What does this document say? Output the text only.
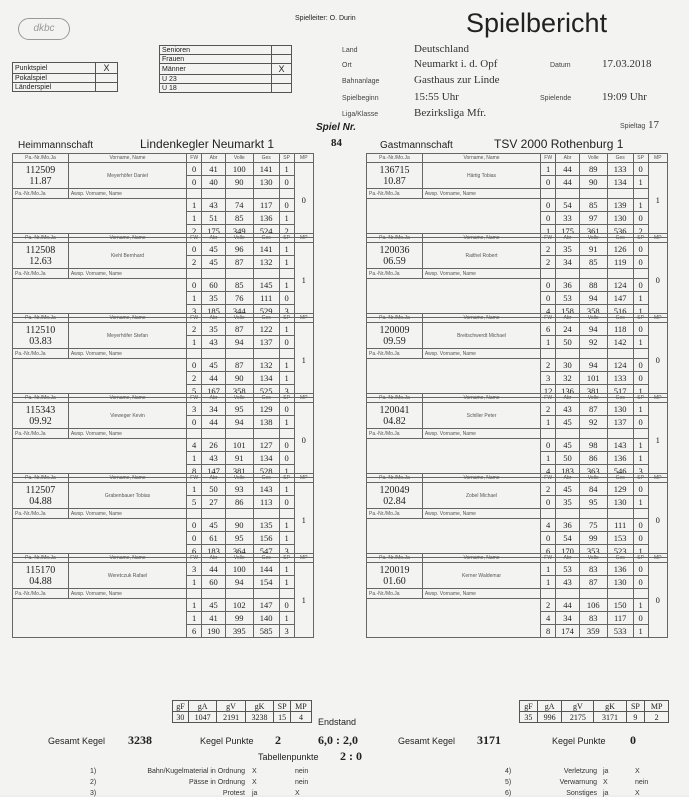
dkbc
Spielleiter: O. Durin	Spielbericht
Punktspiel	X
Pokalspiel	
Länderspiel	
Senioren	
Frauen	
Männer	X
U 23	
U 18	
Land	Deutschland
Ort	Neumarkt i. d. Opf	Datum	17.03.2018
Bahnanlage	Gasthaus zur Linde
Spielbeginn	15:55 Uhr	Spielende	19:09 Uhr
Liga/Klasse	Bezirksliga Mfr.
Spieltag 17
Spiel Nr.
84
Heimmannschaft	Lindenkegler Neumarkt 1	Gastmannschaft	TSV 2000 Rothenburg 1
Pa.-Nr./Mo.Ja	Vorname, Name	FW	Abr	Volle	Ges	SP	MP

112509
11.87	Meyerhöfer Daniel	0	41	100	141	1	0
		0	40	90	130	0	
Pa.-Nr./Mo.Ja	Awsp. Vorname, Name						
		1	43	74	117	0	
		1	51	85	136	1	
		2	175	349	524	2	
Pa.-Nr./Mo.Ja	Vorname, Name	FW	Abr	Volle	Ges	SP	MP

112508
12.63	Kiehl Bernhard	0	45	96	141	1	1
		2	45	87	132	1	
Pa.-Nr./Mo.Ja	Awsp. Vorname, Name						
		0	60	85	145	1	
		1	35	76	111	0	
		3	185	344	529	3	
Pa.-Nr./Mo.Ja	Vorname, Name	FW	Abr	Volle	Ges	SP	MP

112510
03.83	Meyerhöfer Stefan	2	35	87	122	1	1
		1	43	94	137	0	
Pa.-Nr./Mo.Ja	Awsp. Vorname, Name						
		0	45	87	132	1	
		2	44	90	134	1	
		5	167	358	525	3	
Pa.-Nr./Mo.Ja	Vorname, Name	FW	Abr	Volle	Ges	SP	MP

115343
09.92	Vieweger Kevin	3	34	95	129	0	0
		0	44	94	138	1	
Pa.-Nr./Mo.Ja	Awsp. Vorname, Name						
		4	26	101	127	0	
		1	43	91	134	0	
		8	147	381	528	1	
Pa.-Nr./Mo.Ja	Vorname, Name	FW	Abr	Volle	Ges	SP	MP

112507
04.88	Grabenbauer Tobias	1	50	93	143	1	1
		5	27	86	113	0	
Pa.-Nr./Mo.Ja	Awsp. Vorname, Name						
		0	45	90	135	1	
		0	61	95	156	1	
		6	183	364	547	3	
Pa.-Nr./Mo.Ja	Vorname, Name	FW	Abr	Volle	Ges	SP	MP

115170
04.88	Weretczuk Rafael	3	44	100	144	1	1
		1	60	94	154	1	
Pa.-Nr./Mo.Ja	Awsp. Vorname, Name						
		1	45	102	147	0	
		1	41	99	140	1	
		6	190	395	585	3	
Pa.-Nr./Mo.Ja	Vorname, Name	FW	Abr	Volle	Ges	SP	MP

136715
10.87	Härtig Tobias	1	44	89	133	0	1
		0	44	90	134	1	
Pa.-Nr./Mo.Ja	Awsp. Vorname, Name						
		0	54	85	139	1	
		0	33	97	130	0	
		1	175	361	536	2	
Pa.-Nr./Mo.Ja	Vorname, Name	FW	Abr	Volle	Ges	SP	MP

120036
06.59	Raithel Robert	2	35	91	126	0	0
		2	34	85	119	0	
Pa.-Nr./Mo.Ja	Awsp. Vorname, Name						
		0	36	88	124	0	
		0	53	94	147	1	
		4	158	358	516	1	
Pa.-Nr./Mo.Ja	Vorname, Name	FW	Abr	Volle	Ges	SP	MP

120009
09.59	Breitschwerdt Michael	6	24	94	118	0	0
		1	50	92	142	1	
Pa.-Nr./Mo.Ja	Awsp. Vorname, Name						
		2	30	94	124	0	
		3	32	101	133	0	
		12	136	381	517	1	
Pa.-Nr./Mo.Ja	Vorname, Name	FW	Abr	Volle	Ges	SP	MP

120041
04.82	Schiller Peter	2	43	87	130	1	1
		1	45	92	137	0	
Pa.-Nr./Mo.Ja	Awsp. Vorname, Name						
		0	45	98	143	1	
		1	50	86	136	1	
		4	183	363	546	3	
Pa.-Nr./Mo.Ja	Vorname, Name	FW	Abr	Volle	Ges	SP	MP

120049
02.84	Zobel Michael	2	45	84	129	0	0
		0	35	95	130	1	
Pa.-Nr./Mo.Ja	Awsp. Vorname, Name						
		4	36	75	111	0	
		0	54	99	153	0	
		6	170	353	523	1	
Pa.-Nr./Mo.Ja	Vorname, Name	FW	Abr	Volle	Ges	SP	MP

120019
01.60	Kerner Waldemar	1	53	83	136	0	0
		1	43	87	130	0	
Pa.-Nr./Mo.Ja	Awsp. Vorname, Name						
		2	44	106	150	1	
		4	34	83	117	0	
		8	174	359	533	1	
gF	gA	gV	gK	SP	MP
30	1047	2191	3238	15	4 Endstand
gF	gA	gV	gK	SP	MP
35	996	2175	3171	9	2
Gesamt Kegel 3238	Kegel Punkte 2	6,0 : 2,0	Gesamt Kegel 3171	Kegel Punkte 0
Tabellenpunkte 2 : 0
1)	Bahn/Kugelmaterial in Ordnung X	nein
2)	Pässe in Ordnung X	nein
3)	Protest ja	X
4)	Verletzung ja	X
5)	Verwarnung X	nein
6)	Sonstiges ja	X
